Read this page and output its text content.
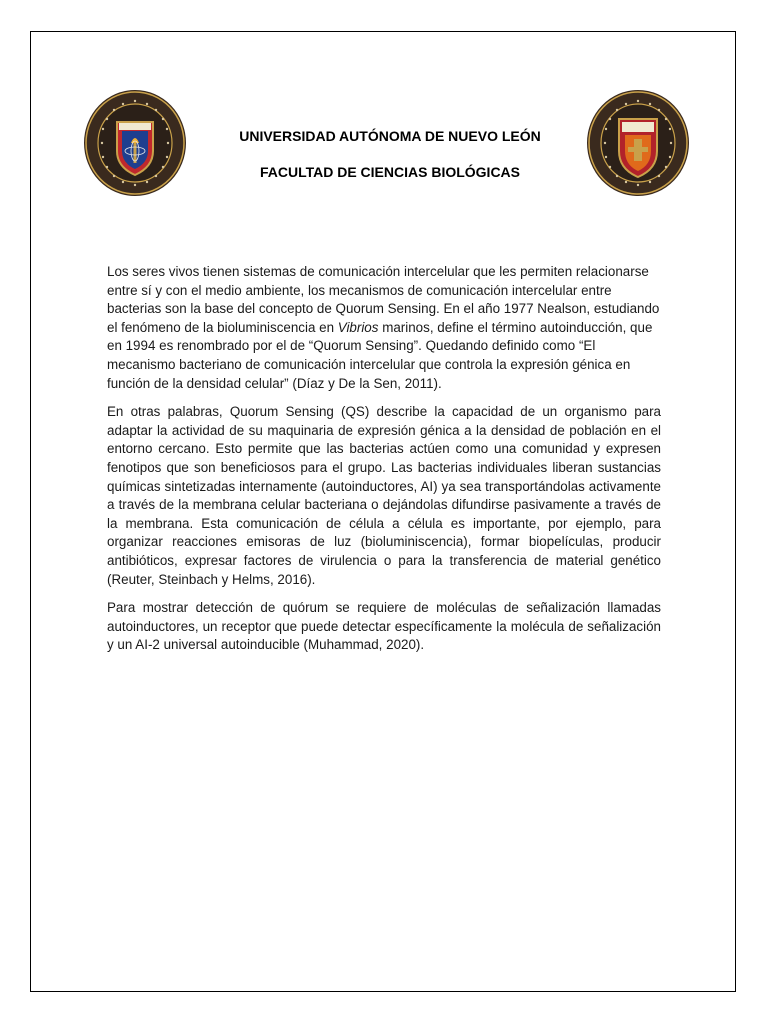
UNIVERSIDAD AUTÓNOMA DE NUEVO LEÓN
FACULTAD DE CIENCIAS BIOLÓGICAS

Los seres vivos tienen sistemas de comunicación intercelular que les permiten relacionarse entre sí y con el medio ambiente, los mecanismos de comunicación intercelular entre bacterias son la base del concepto de Quorum Sensing. En el año 1977 Nealson, estudiando el fenómeno de la bioluminiscencia en Vibrios marinos, define el término autoinducción, que en 1994 es renombrado por el de “Quorum Sensing”. Quedando definido como “El mecanismo bacteriano de comunicación intercelular que controla la expresión génica en función de la densidad celular” (Díaz y De la Sen, 2011).

En otras palabras, Quorum Sensing (QS) describe la capacidad de un organismo para adaptar la actividad de su maquinaria de expresión génica a la densidad de población en el entorno cercano. Esto permite que las bacterias actúen como una comunidad y expresen fenotipos que son beneficiosos para el grupo. Las bacterias individuales liberan sustancias químicas sintetizadas internamente (autoinductores, AI) ya sea transportándolas activamente a través de la membrana celular bacteriana o dejándolas difundirse pasivamente a través de la membrana. Esta comunicación de célula a célula es importante, por ejemplo, para organizar reacciones emisoras de luz (bioluminiscencia), formar biopelículas, producir antibióticos, expresar factores de virulencia o para la transferencia de material genético (Reuter, Steinbach y Helms, 2016).

Para mostrar detección de quórum se requiere de moléculas de señalización llamadas autoinductores, un receptor que puede detectar específicamente la molécula de señalización y un AI-2 universal autoinducible (Muhammad, 2020).
